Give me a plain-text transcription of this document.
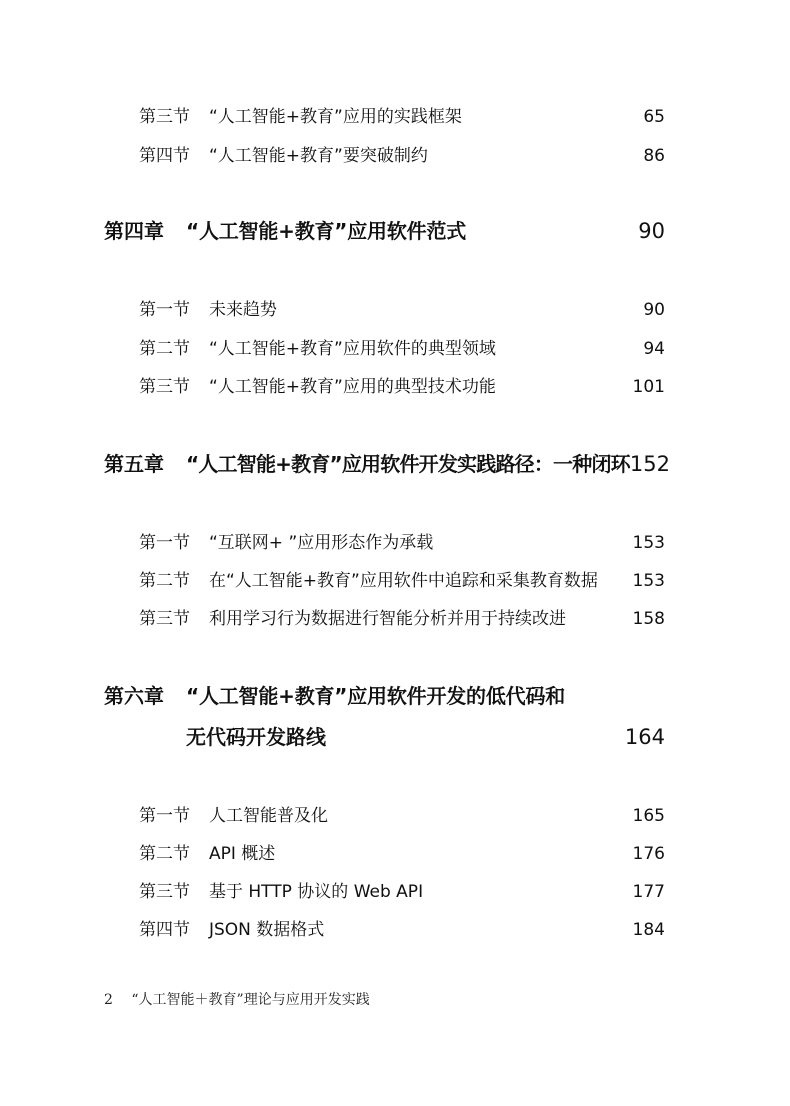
第三节	“人工智能+教育”应用的实践框架	65
第四节	“人工智能+教育”要突破制约	86
第四章	“人工智能+教育”应用软件范式	90
第一节	未来趋势	90
第二节	“人工智能+教育”应用软件的典型领域	94
第三节	“人工智能+教育”应用的典型技术功能	101
第五章	“人工智能+教育”应用软件开发实践路径：一种闭环 152
第一节	“互联网+ ”应用形态作为承载	153
第二节	在“人工智能+教育”应用软件中追踪和采集教育数据	153
第三节	利用学习行为数据进行智能分析并用于持续改进	158
第六章	“人工智能+教育”应用软件开发的低代码和
无代码开发路线	164
第一节	人工智能普及化	165
第二节	API 概述	176
第三节	基于 HTTP 协议的 Web API	177
第四节	JSON 数据格式	184
2 “人工智能＋教育”理论与应用开发实践
